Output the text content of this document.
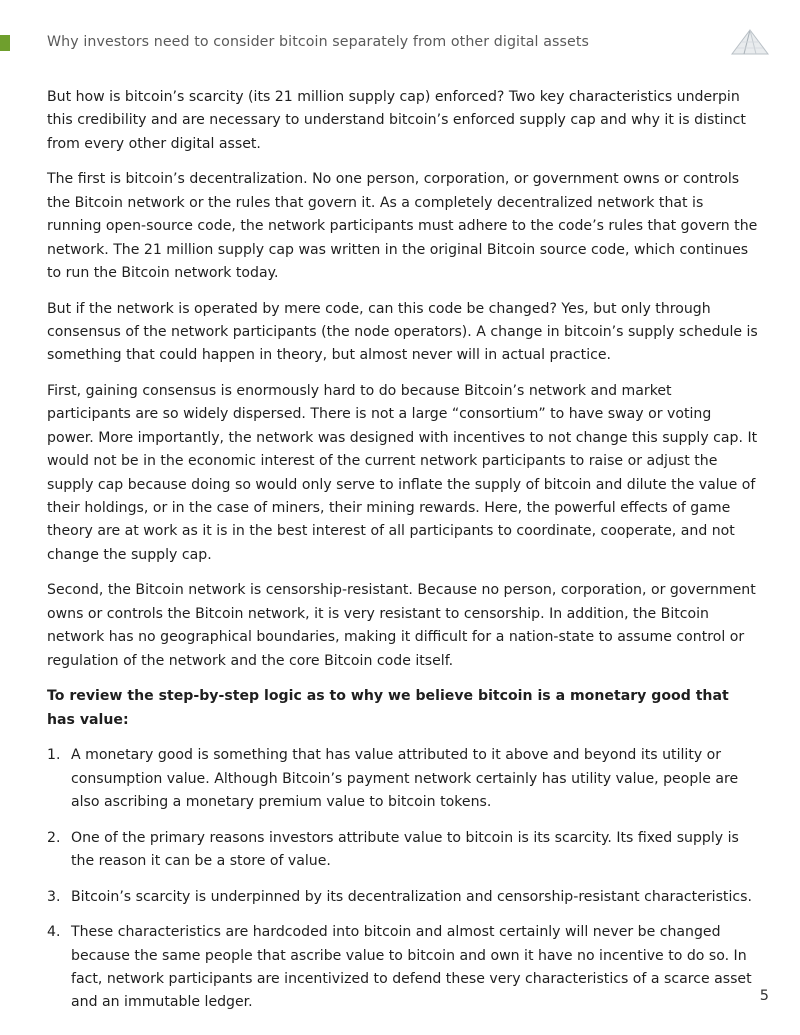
Why investors need to consider bitcoin separately from other digital assets

But how is bitcoin’s scarcity (its 21 million supply cap) enforced? Two key characteristics underpin this credibility and are necessary to understand bitcoin’s enforced supply cap and why it is distinct from every other digital asset.

The first is bitcoin’s decentralization. No one person, corporation, or government owns or controls the Bitcoin network or the rules that govern it. As a completely decentralized network that is running open-source code, the network participants must adhere to the code’s rules that govern the network. The 21 million supply cap was written in the original Bitcoin source code, which continues to run the Bitcoin network today.

But if the network is operated by mere code, can this code be changed? Yes, but only through consensus of the network participants (the node operators). A change in bitcoin’s supply schedule is something that could happen in theory, but almost never will in actual practice.

First, gaining consensus is enormously hard to do because Bitcoin’s network and market participants are so widely dispersed. There is not a large “consortium” to have sway or voting power. More importantly, the network was designed with incentives to not change this supply cap. It would not be in the economic interest of the current network participants to raise or adjust the supply cap because doing so would only serve to inflate the supply of bitcoin and dilute the value of their holdings, or in the case of miners, their mining rewards. Here, the powerful effects of game theory are at work as it is in the best interest of all participants to coordinate, cooperate, and not change the supply cap.

Second, the Bitcoin network is censorship-resistant. Because no person, corporation, or government owns or controls the Bitcoin network, it is very resistant to censorship. In addition, the Bitcoin network has no geographical boundaries, making it difficult for a nation-state to assume control or regulation of the network and the core Bitcoin code itself.

To review the step-by-step logic as to why we believe bitcoin is a monetary good that has value:

1. A monetary good is something that has value attributed to it above and beyond its utility or consumption value. Although Bitcoin’s payment network certainly has utility value, people are also ascribing a monetary premium value to bitcoin tokens.
2. One of the primary reasons investors attribute value to bitcoin is its scarcity. Its fixed supply is the reason it can be a store of value.
3. Bitcoin’s scarcity is underpinned by its decentralization and censorship-resistant characteristics.
4. These characteristics are hardcoded into bitcoin and almost certainly will never be changed because the same people that ascribe value to bitcoin and own it have no incentive to do so. In fact, network participants are incentivized to defend these very characteristics of a scarce asset and an immutable ledger.	5
